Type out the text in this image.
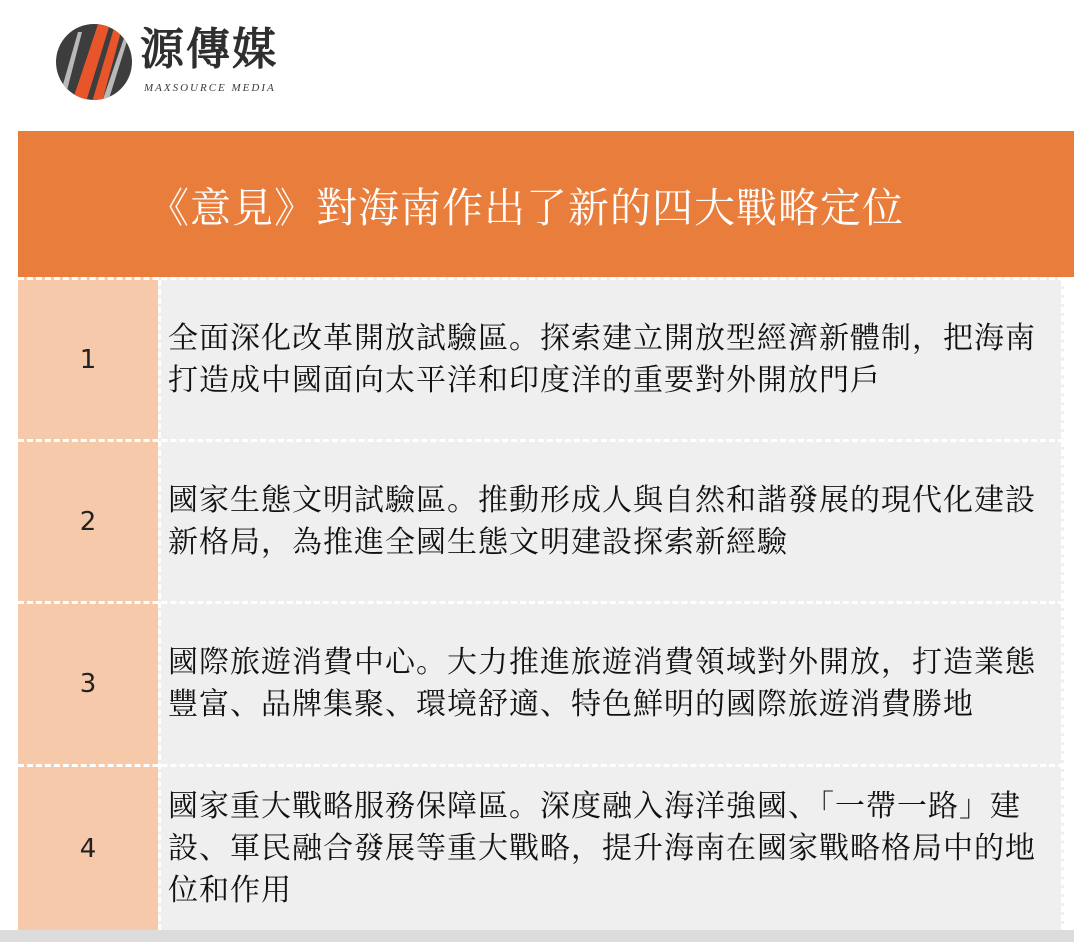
源傳媒
MAXSOURCE MEDIA
《意見》對海南作出了新的四大戰略定位
1
全面深化改革開放試驗區。探索建立開放型經濟新體制，把海南打造成中國面向太平洋和印度洋的重要對外開放門戶
2
國家生態文明試驗區。推動形成人與自然和諧發展的現代化建設新格局，為推進全國生態文明建設探索新經驗
3
國際旅遊消費中心。大力推進旅遊消費領域對外開放，打造業態豐富、品牌集聚、環境舒適、特色鮮明的國際旅遊消費勝地
4
國家重大戰略服務保障區。深度融入海洋強國、「一帶一路」建設、軍民融合發展等重大戰略，提升海南在國家戰略格局中的地位和作用
